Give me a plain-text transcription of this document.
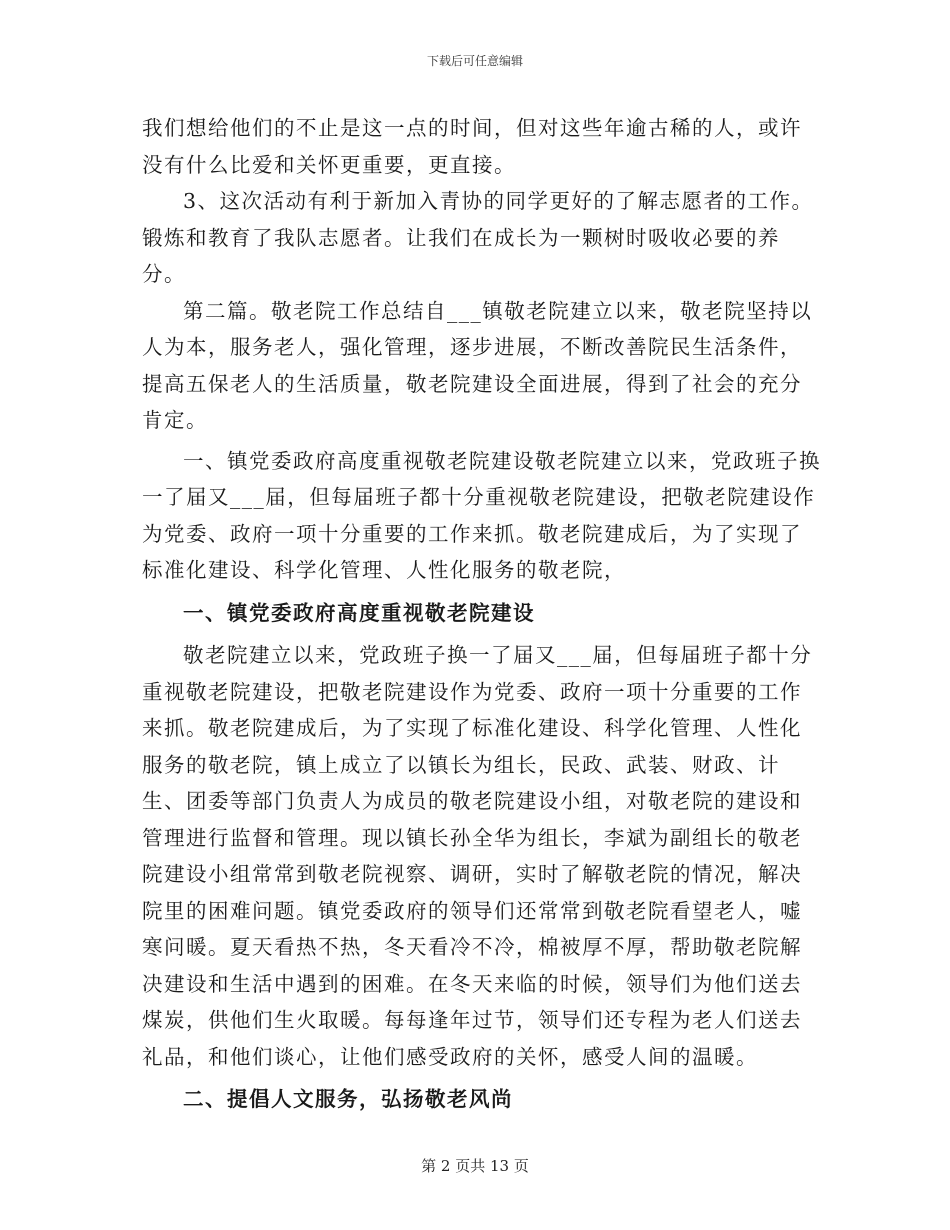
下载后可任意编辑

我们想给他们的不止是这一点的时间，但对这些年逾古稀的人，或许没有什么比爱和关怀更重要，更直接。

3、这次活动有利于新加入青协的同学更好的了解志愿者的工作。锻炼和教育了我队志愿者。让我们在成长为一颗树时吸收必要的养分。

第二篇。敬老院工作总结自___镇敬老院建立以来，敬老院坚持以人为本，服务老人，强化管理，逐步进展，不断改善院民生活条件，提高五保老人的生活质量，敬老院建设全面进展，得到了社会的充分肯定。

一、镇党委政府高度重视敬老院建设敬老院建立以来，党政班子换一了届又___届，但每届班子都十分重视敬老院建设，把敬老院建设作为党委、政府一项十分重要的工作来抓。敬老院建成后，为了实现了标准化建设、科学化管理、人性化服务的敬老院，

一、镇党委政府高度重视敬老院建设

敬老院建立以来，党政班子换一了届又___届，但每届班子都十分重视敬老院建设，把敬老院建设作为党委、政府一项十分重要的工作来抓。敬老院建成后，为了实现了标准化建设、科学化管理、人性化服务的敬老院，镇上成立了以镇长为组长，民政、武装、财政、计生、团委等部门负责人为成员的敬老院建设小组，对敬老院的建设和管理进行监督和管理。现以镇长孙全华为组长，李斌为副组长的敬老院建设小组常常到敬老院视察、调研，实时了解敬老院的情况，解决院里的困难问题。镇党委政府的领导们还常常到敬老院看望老人，嘘寒问暖。夏天看热不热，冬天看冷不冷，棉被厚不厚，帮助敬老院解决建设和生活中遇到的困难。在冬天来临的时候，领导们为他们送去煤炭，供他们生火取暖。每每逢年过节，领导们还专程为老人们送去礼品，和他们谈心，让他们感受政府的关怀，感受人间的温暖。

二、提倡人文服务，弘扬敬老风尚

第 2 页共 13 页
